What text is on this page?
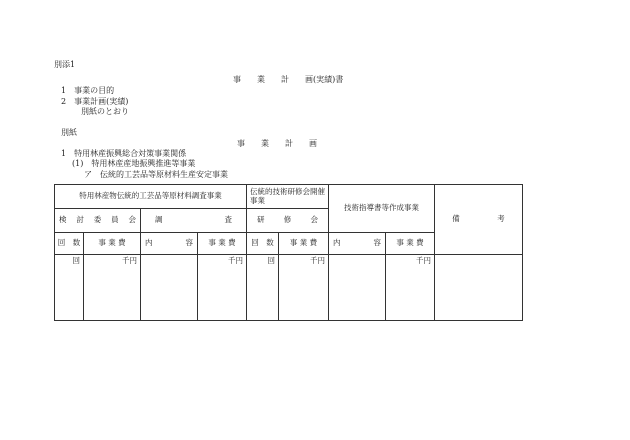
別添1
事　　業　　計　　画(実績)書
1　事業の目的
2　事業計画(実績)
別紙のとおり
別紙
事　　業　　計　　画
1　特用林産振興総合対策事業関係
(1)　特用林産産地振興推進等事業
ア　伝統的工芸品等原材料生産安定事業
特用林産物伝統的工芸品等原材料調査事業				伝統的技術研修会開催事業		技術指導書等作成事業		備　　　　　考

検 討 委 員 会		調 査		研 修 会				

回　数	事 業 費	内 容	事 業 費	回　数	事 業 費	内 容	事 業 費	
回	千円		千円	回	千円		千円	
